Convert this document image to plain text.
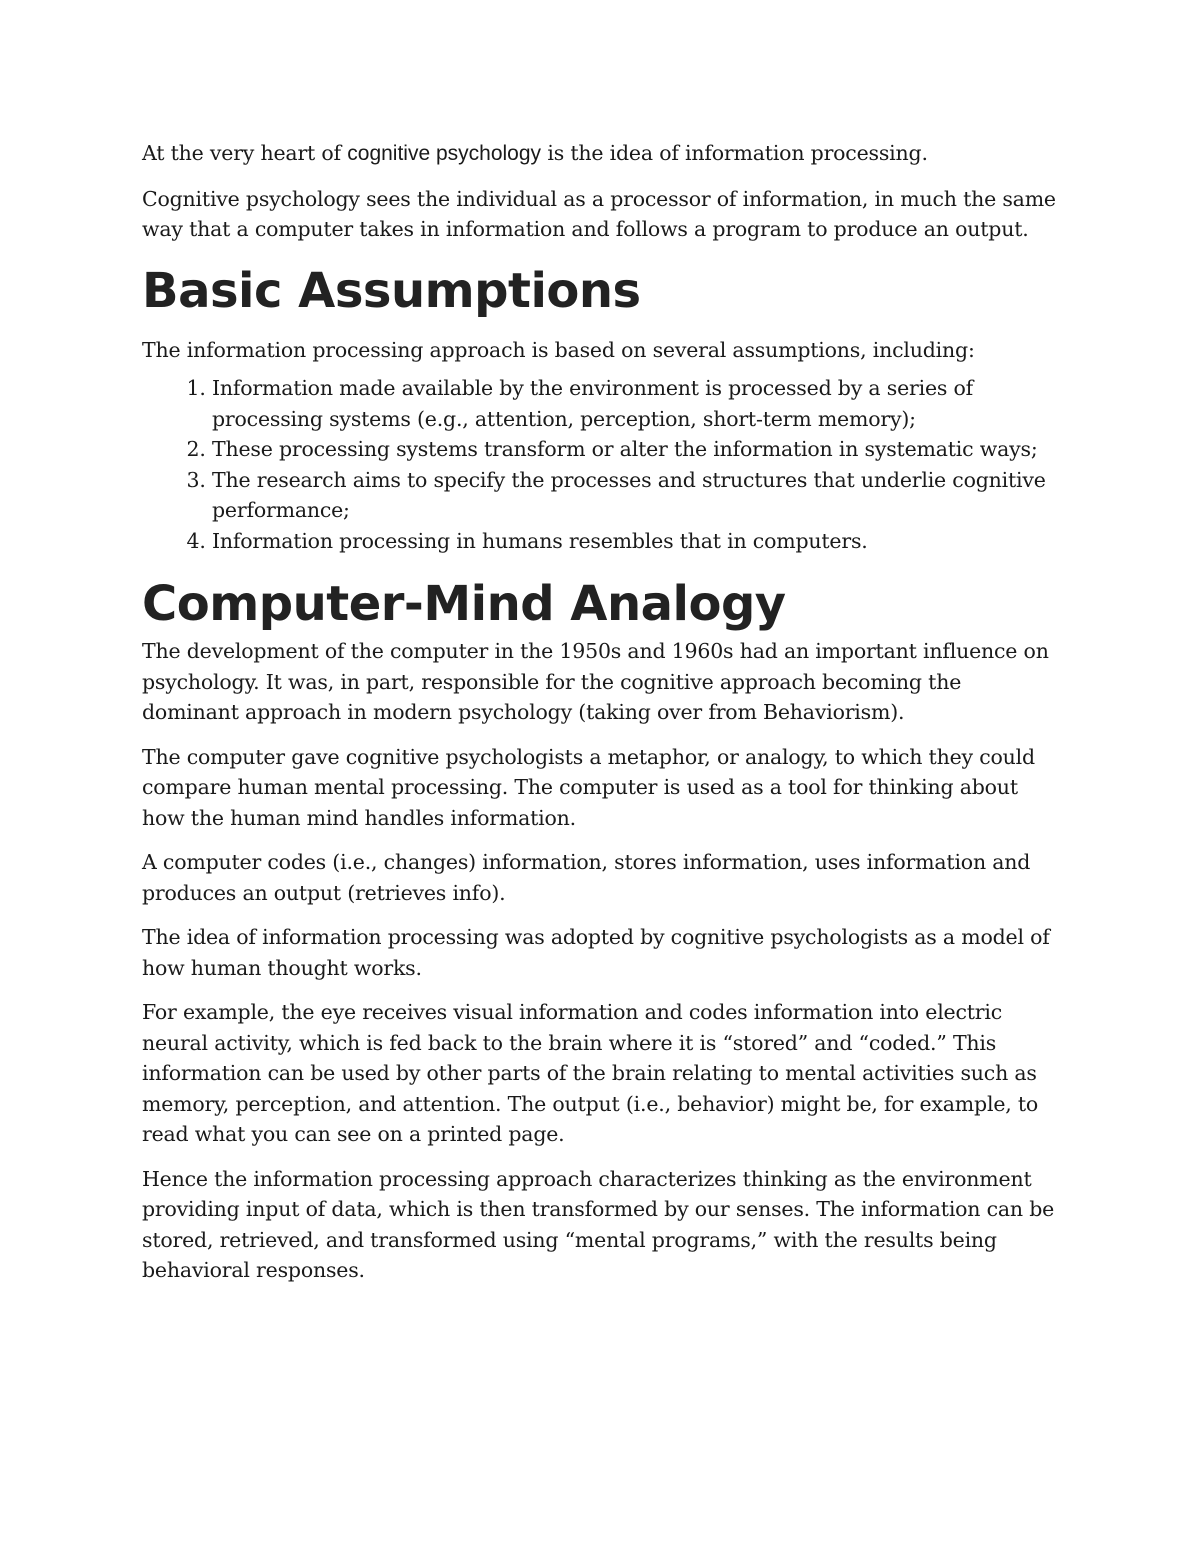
At the very heart of cognitive psychology is the idea of information processing.

Cognitive psychology sees the individual as a processor of information, in much the same way that a computer takes in information and follows a program to produce an output.

Basic Assumptions

The information processing approach is based on several assumptions, including:

1. Information made available by the environment is processed by a series of processing systems (e.g., attention, perception, short-term memory);
2. These processing systems transform or alter the information in systematic ways;
3. The research aims to specify the processes and structures that underlie cognitive performance;
4. Information processing in humans resembles that in computers.
Computer-Mind Analogy

The development of the computer in the 1950s and 1960s had an important influence on psychology. It was, in part, responsible for the cognitive approach becoming the dominant approach in modern psychology (taking over from Behaviorism).

The computer gave cognitive psychologists a metaphor, or analogy, to which they could compare human mental processing. The computer is used as a tool for thinking about how the human mind handles information.

A computer codes (i.e., changes) information, stores information, uses information and produces an output (retrieves info).

The idea of information processing was adopted by cognitive psychologists as a model of how human thought works.

For example, the eye receives visual information and codes information into electric neural activity, which is fed back to the brain where it is “stored” and “coded.” This information can be used by other parts of the brain relating to mental activities such as memory, perception, and attention. The output (i.e., behavior) might be, for example, to read what you can see on a printed page.

Hence the information processing approach characterizes thinking as the environment providing input of data, which is then transformed by our senses. The information can be stored, retrieved, and transformed using “mental programs,” with the results being behavioral responses.
